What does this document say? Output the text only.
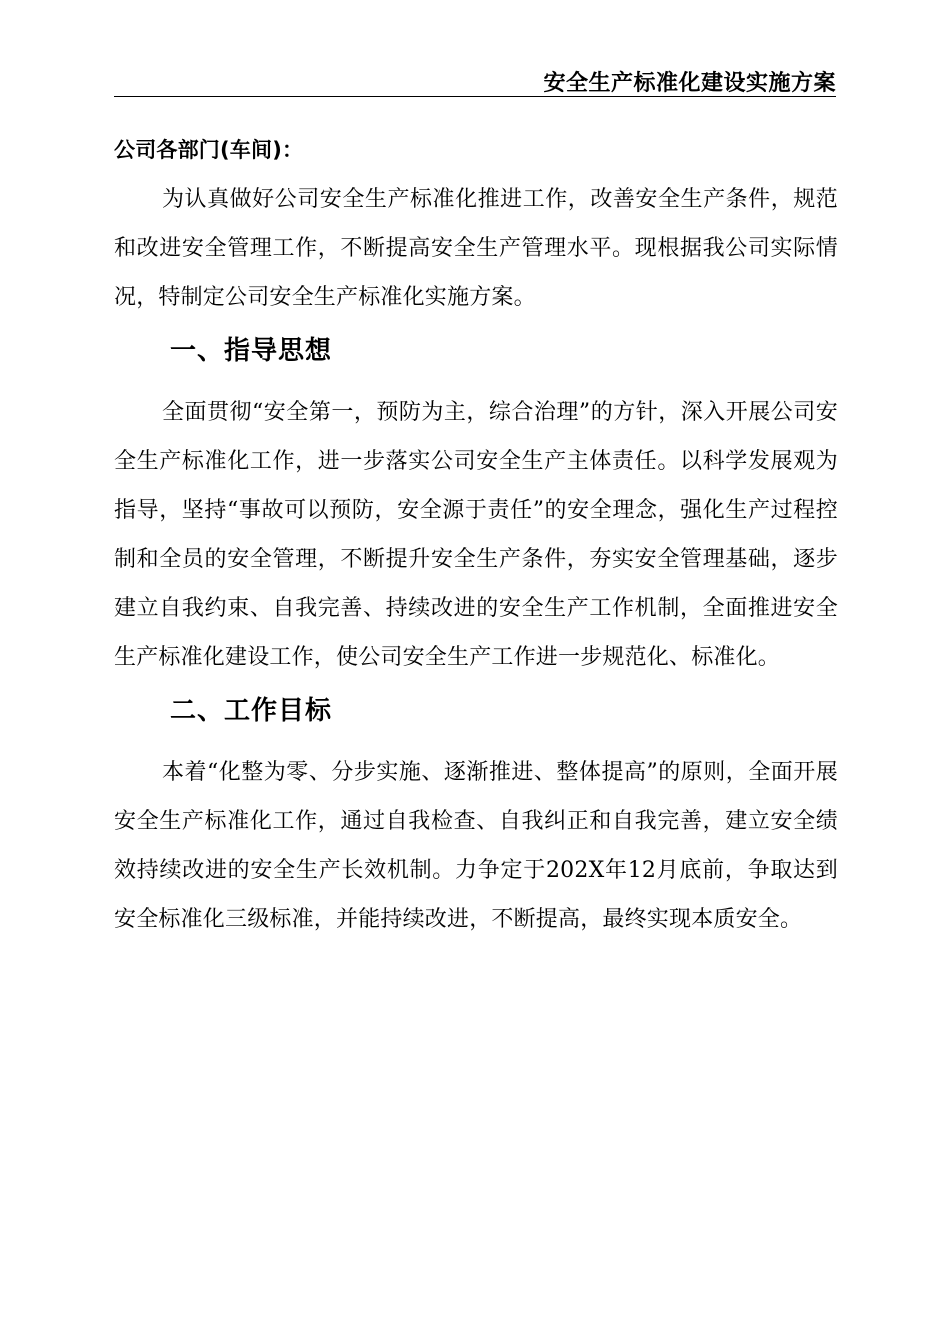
安全生产标准化建设实施方案
公司各部门(车间)：

为认真做好公司安全生产标准化推进工作，改善安全生产条件，规范和改进安全管理工作，不断提高安全生产管理水平。现根据我公司实际情况，特制定公司安全生产标准化实施方案。

一、指导思想

全面贯彻“安全第一，预防为主，综合治理”的方针，深入开展公司安全生产标准化工作，进一步落实公司安全生产主体责任。以科学发展观为指导，坚持“事故可以预防，安全源于责任”的安全理念，强化生产过程控制和全员的安全管理，不断提升安全生产条件，夯实安全管理基础，逐步建立自我约束、自我完善、持续改进的安全生产工作机制，全面推进安全生产标准化建设工作，使公司安全生产工作进一步规范化、标准化。

二、工作目标

本着“化整为零、分步实施、逐渐推进、整体提高”的原则，全面开展安全生产标准化工作，通过自我检查、自我纠正和自我完善，建立安全绩效持续改进的安全生产长效机制。力争定于202X年12月底前，争取达到安全标准化三级标准，并能持续改进，不断提高，最终实现本质安全。
